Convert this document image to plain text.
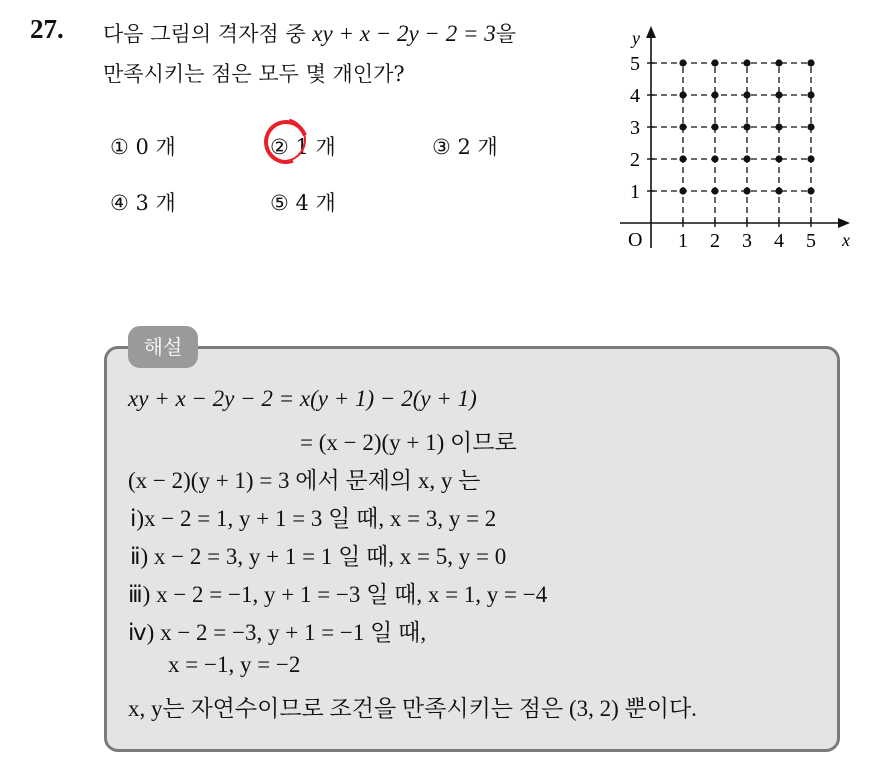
27. 다음 그림의 격자점 중 xy + x − 2y − 2 = 3을
만족시키는 점은 모두 몇 개인가?
① 0 개	② 1 개	③ 2 개
④ 3 개	⑤ 4 개
x
y
O 1 2 3 4 5
1
2
3
4
5
해설
xy + x − 2y − 2 = x(y + 1) − 2(y + 1)
= (x − 2)(y + 1) 이므로
(x − 2)(y + 1) = 3 에서 문제의 x, y 는
ⅰ)x − 2 = 1, y + 1 = 3 일 때, x = 3, y = 2
ⅱ) x − 2 = 3, y + 1 = 1 일 때, x = 5, y = 0
ⅲ) x − 2 = −1, y + 1 = −3 일 때, x = 1, y = −4
ⅳ) x − 2 = −3, y + 1 = −1 일 때,
x = −1, y = −2
x, y는 자연수이므로 조건을 만족시키는 점은 (3, 2) 뿐이다.
